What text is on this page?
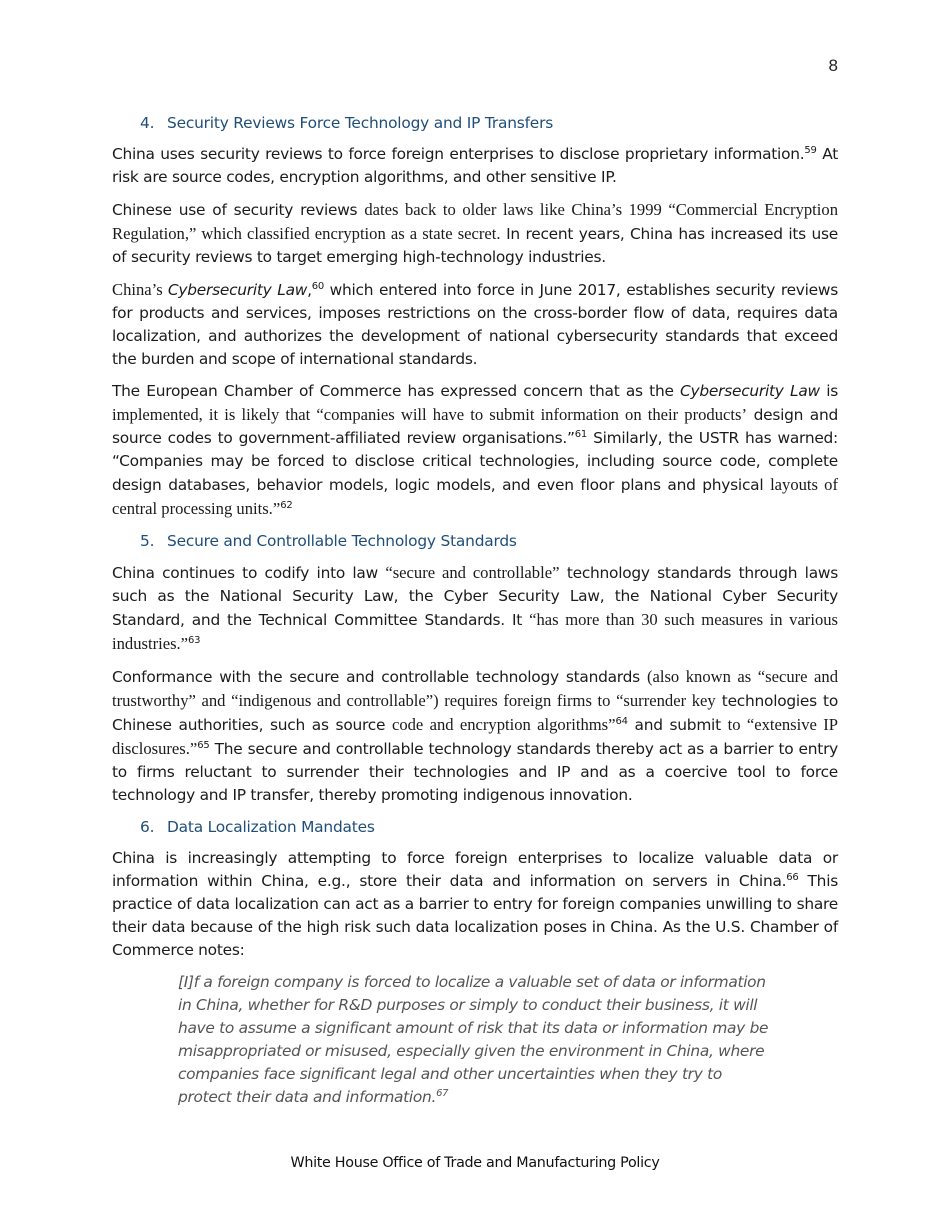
8
4. Security Reviews Force Technology and IP Transfers

China uses security reviews to force foreign enterprises to disclose proprietary information.$^{59}$ At risk are source codes, encryption algorithms, and other sensitive IP.

Chinese use of security reviews dates back to older laws like China’s 1999 “Commercial Encryption Regulation,” which classified encryption as a state secret. In recent years, China has increased its use of security reviews to target emerging high-technology industries.

China’s Cybersecurity Law,$^{60}$ which entered into force in June 2017, establishes security reviews for products and services, imposes restrictions on the cross-border flow of data, requires data localization, and authorizes the development of national cybersecurity standards that exceed the burden and scope of international standards.

The European Chamber of Commerce has expressed concern that as the Cybersecurity Law is implemented, it is likely that “companies will have to submit information on their products’ design and source codes to government-affiliated review organisations.”$^{61}$ Similarly, the USTR has warned: “Companies may be forced to disclose critical technologies, including source code, complete design databases, behavior models, logic models, and even floor plans and physical layouts of central processing units.”$^{62}$

5. Secure and Controllable Technology Standards

China continues to codify into law “secure and controllable” technology standards through laws such as the National Security Law, the Cyber Security Law, the National Cyber Security Standard, and the Technical Committee Standards. It “has more than 30 such measures in various industries.”$^{63}$

Conformance with the secure and controllable technology standards (also known as “secure and trustworthy” and “indigenous and controllable”) requires foreign firms to “surrender key technologies to Chinese authorities, such as source code and encryption algorithms”$^{64}$ and submit to “extensive IP disclosures.”$^{65}$ The secure and controllable technology standards thereby act as a barrier to entry to firms reluctant to surrender their technologies and IP and as a coercive tool to force technology and IP transfer, thereby promoting indigenous innovation.

6. Data Localization Mandates

China is increasingly attempting to force foreign enterprises to localize valuable data or information within China, e.g., store their data and information on servers in China.$^{66}$ This practice of data localization can act as a barrier to entry for foreign companies unwilling to share their data because of the high risk such data localization poses in China. As the U.S. Chamber of Commerce notes:

[I]f a foreign company is forced to localize a valuable set of data or information in China, whether for R&D purposes or simply to conduct their business, it will have to assume a significant amount of risk that its data or information may be misappropriated or misused, especially given the environment in China, where companies face significant legal and other uncertainties when they try to protect their data and information.$^{67}$
White House Office of Trade and Manufacturing Policy
